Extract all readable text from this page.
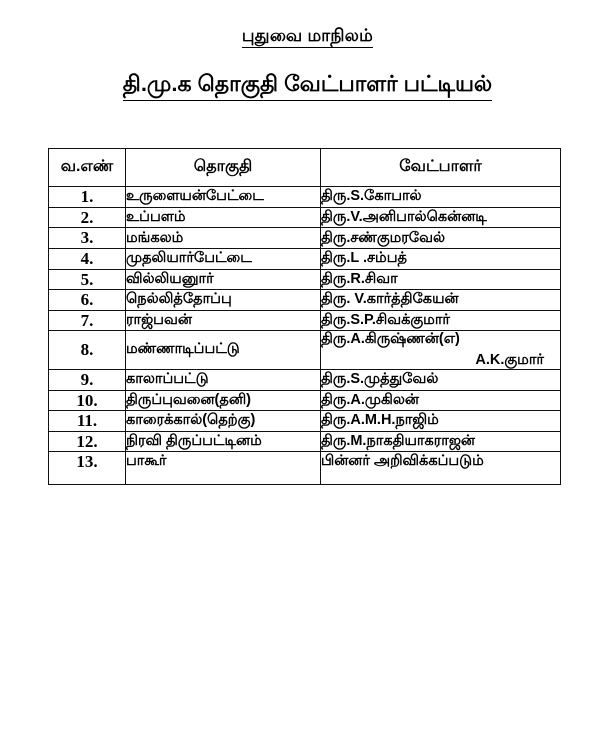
புதுவை மாநிலம்
தி.மு.க தொகுதி வேட்பாளர் பட்டியல்
வ.எண்	தொகுதி	வேட்பாளர்

1.	உருளையன்பேட்டை	திரு.S.கோபால்
2.	உப்பளம்	திரு.V.அனிபால்கென்னடி
3.	மங்கலம்	திரு.சண்குமரவேல்
4.	முதலியார்பேட்டை	திரு.L .சம்பத்
5.	வில்லியனுார்	திரு.R.சிவா
6.	நெல்லித்தோப்பு	திரு. V.கார்த்திகேயன்
7.	ராஜ்பவன்	திரு.S.P.சிவக்குமார்
8.	மண்ணாடிப்பட்டு	திரு.A.கிருஷ்ணன்(எ)
A.K.குமார்

9.	காலாப்பட்டு	திரு.S.முத்துவேல்
10.	திருப்புவனை(தனி)	திரு.A.முகிலன்
11.	காரைக்கால்(தெற்கு)	திரு.A.M.H.நாஜிம்
12.	நிரவி திருப்பட்டினம்	திரு.M.நாகதியாகராஜன்
13.	பாகூர்	பின்னர் அறிவிக்கப்படும்
